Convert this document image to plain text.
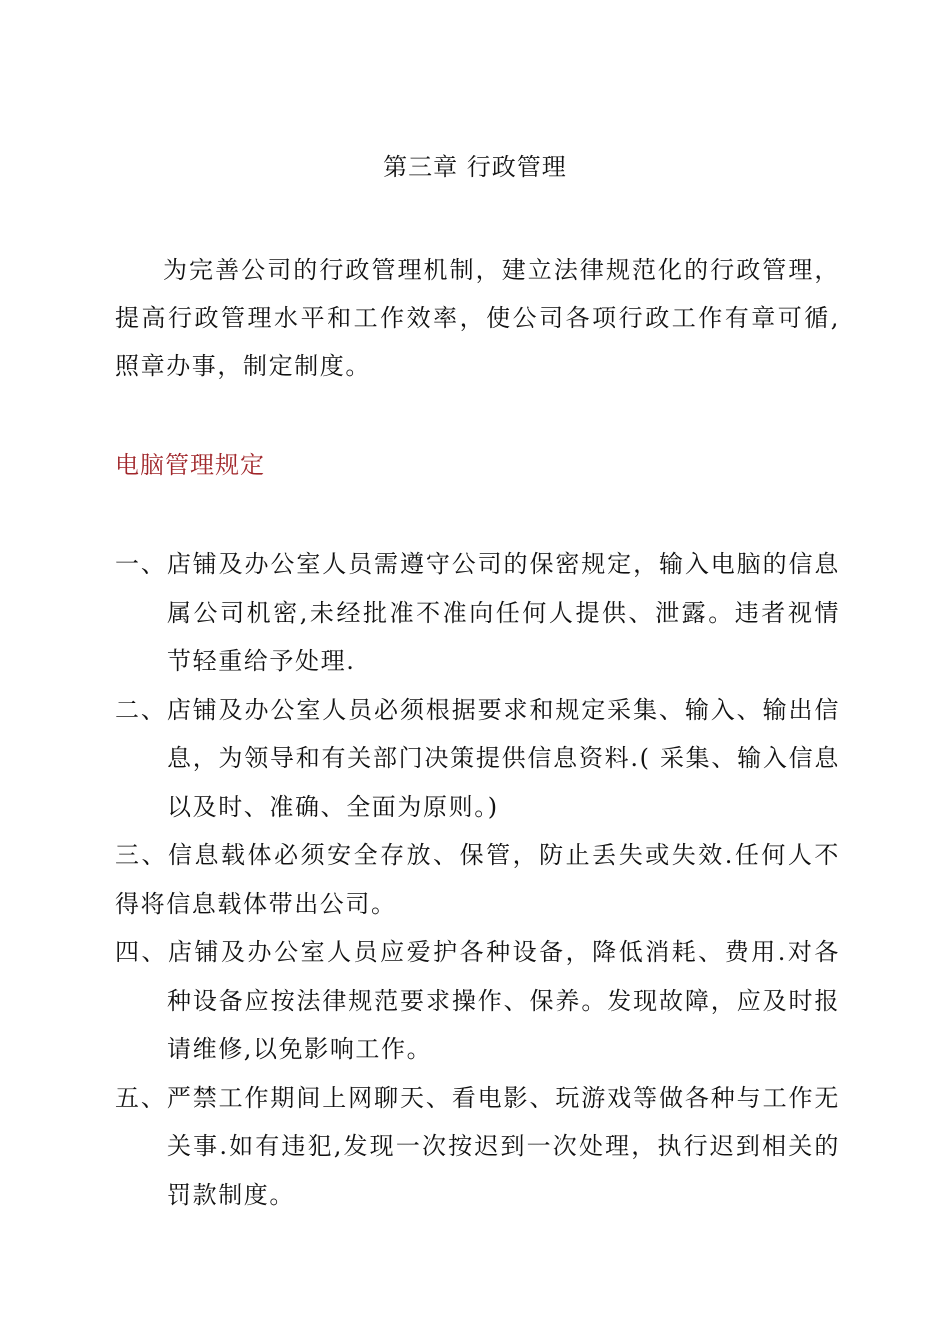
第三章 行政管理
为完善公司的行政管理机制，建立法律规范化的行政管理，提高行政管理水平和工作效率，使公司各项行政工作有章可循,照章办事，制定制度。
电脑管理规定
一、店铺及办公室人员需遵守公司的保密规定，输入电脑的信息属公司机密,未经批准不准向任何人提供、泄露。违者视情节轻重给予处理.
二、店铺及办公室人员必须根据要求和规定采集、输入、输出信息，为领导和有关部门决策提供信息资料.( 采集、输入信息以及时、准确、全面为原则。)
三、信息载体必须安全存放、保管，防止丢失或失效.任何人不得将信息载体带出公司。
四、店铺及办公室人员应爱护各种设备，降低消耗、费用.对各种设备应按法律规范要求操作、保养。发现故障，应及时报请维修,以免影响工作。
五、严禁工作期间上网聊天、看电影、玩游戏等做各种与工作无关事.如有违犯,发现一次按迟到一次处理，执行迟到相关的罚款制度。
